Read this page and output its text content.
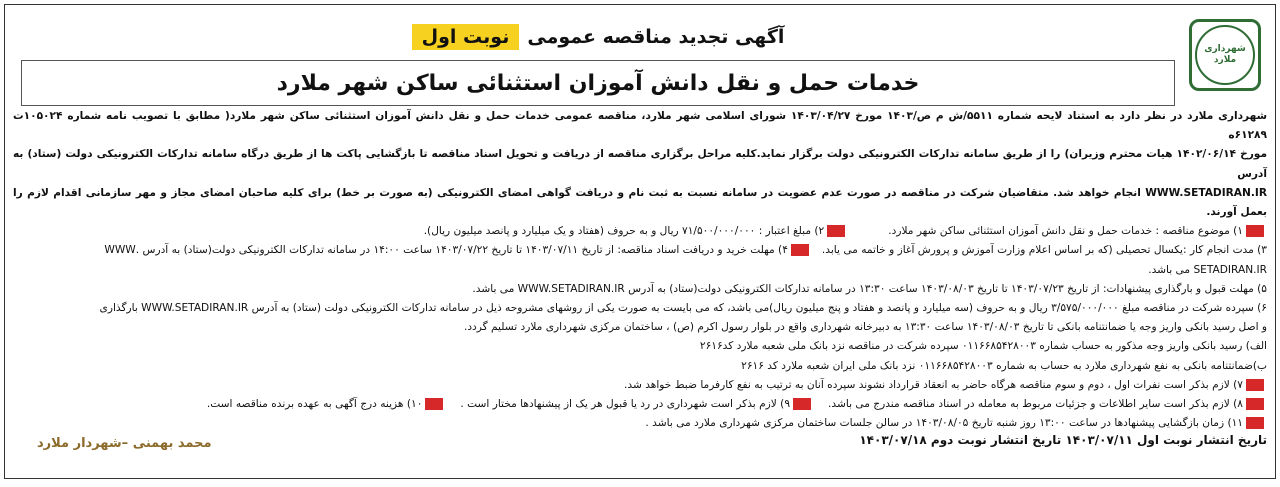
شهرداری
ملارد
آگهی تجدید مناقصه عمومی
نوبت اول
خدمات حمل و نقل دانش آموزان استثنائی ساکن شهر ملارد

شهرداری ملارد در نظر دارد به استناد لایحه شماره ۵۵۱۱/ش م ص/۱۴۰۳ مورخ ۱۴۰۳/۰۴/۲۷ شورای اسلامی شهر ملارد، مناقصه عمومی خدمات حمل و نقل دانش آموزان استثنائی ساکن شهر ملارد( مطابق با تصویب نامه شماره ۱۰۵۰۲۴ت ۶۱۲۸۹ه

مورخ ۱۴۰۲/۰۶/۱۴ هیات محترم وزیران) را از طریق سامانه تدارکات الکترونیکی دولت برگزار نماید.کلیه مراحل برگزاری مناقصه از دریافت و تحویل اسناد مناقصه تا بازگشایی پاکت ها از طریق درگاه سامانه تدارکات الکترونیکی دولت (ستاد) به آدرس

WWW.SETADIRAN.IR انجام خواهد شد. متقاضیان شرکت در مناقصه در صورت عدم عضویت در سامانه نسبت به ثبت نام و دریافت گواهی امضای الکترونیکی (به صورت بر خط) برای کلیه صاحبان امضای مجاز و مهر سازمانی اقدام لازم را بعمل آورند.

۱) موضوع مناقصه : خدمات حمل و نقل دانش آموزان استثنائی ساکن شهر ملارد.
۲) مبلغ اعتبار : ۷۱/۵۰۰/۰۰۰/۰۰۰ ریال و به حروف (هفتاد و یک میلیارد و پانصد میلیون ریال).
۳) مدت انجام کار :یکسال تحصیلی (که بر اساس اعلام وزارت آموزش و پرورش آغاز و خاتمه می یابد.
۴) مهلت خرید و دریافت اسناد مناقصه: از تاریخ ۱۴۰۳/۰۷/۱۱ تا تاریخ ۱۴۰۳/۰۷/۲۲ ساعت ۱۴:۰۰ در سامانه تدارکات الکترونیکی دولت(ستاد) به آدرس .WWW

SETADIRAN.IR می باشد.

۵) مهلت قبول و بارگذاری پیشنهادات: از تاریخ ۱۴۰۳/۰۷/۲۳ تا تاریخ ۱۴۰۳/۰۸/۰۳ ساعت ۱۳:۳۰ در سامانه تدارکات الکترونیکی دولت(ستاد) به آدرس WWW.SETADIRAN.IR می باشد.

۶) سپرده شرکت در مناقصه مبلغ ۳/۵۷۵/۰۰۰/۰۰۰ ریال و به حروف (سه میلیارد و پانصد و هفتاد و پنج میلیون ریال)می باشد، که می بایست به صورت یکی از روشهای مشروحه ذیل در سامانه تدارکات الکترونیکی دولت (ستاد) به آدرس WWW.SETADIRAN.IR بارگذاری

و اصل رسید بانکی واریز وجه یا ضمانتنامه بانکی تا تاریخ ۱۴۰۳/۰۸/۰۳ ساعت ۱۳:۳۰ به دبیرخانه شهرداری واقع در بلوار رسول اکرم (ص) ، ساختمان مرکزی شهرداری ملارد تسلیم گردد.

الف) رسید بانکی واریز وجه مذکور به حساب شماره ۰۱۱۶۶۸۵۴۲۸۰۰۳ سپرده شرکت در مناقصه نزد بانک ملی شعبه ملارد کد۲۶۱۶

ب)ضمانتنامه بانکی به نفع شهرداری ملارد به حساب به شماره ۰۱۱۶۶۸۵۴۲۸۰۰۳ نزد بانک ملی ایران شعبه ملارد کد ۲۶۱۶

۷) لازم بذکر است نفرات اول ، دوم و سوم مناقصه هرگاه حاضر به انعقاد قرارداد نشوند سپرده آنان به ترتیب به نفع کارفرما ضبط خواهد شد.

۸) لازم بذکر است سایر اطلاعات و جزئیات مربوط به معامله در اسناد مناقصه مندرج می باشد.
۹) لازم بذکر است شهرداری در رد یا قبول هر یک از پیشنهادها مختار است .
۱۰) هزینه درج آگهی به عهده برنده مناقصه است.

۱۱) زمان بازگشایی پیشنهادها در ساعت ۱۳:۰۰ روز شنبه تاریخ ۱۴۰۳/۰۸/۰۵ در سالن جلسات ساختمان مرکزی شهرداری ملارد می باشد .

تاریخ انتشار نوبت اول ۱۴۰۳/۰۷/۱۱ تاریخ انتشار نوبت دوم ۱۴۰۳/۰۷/۱۸
محمد بهمنی –شهردار ملارد
